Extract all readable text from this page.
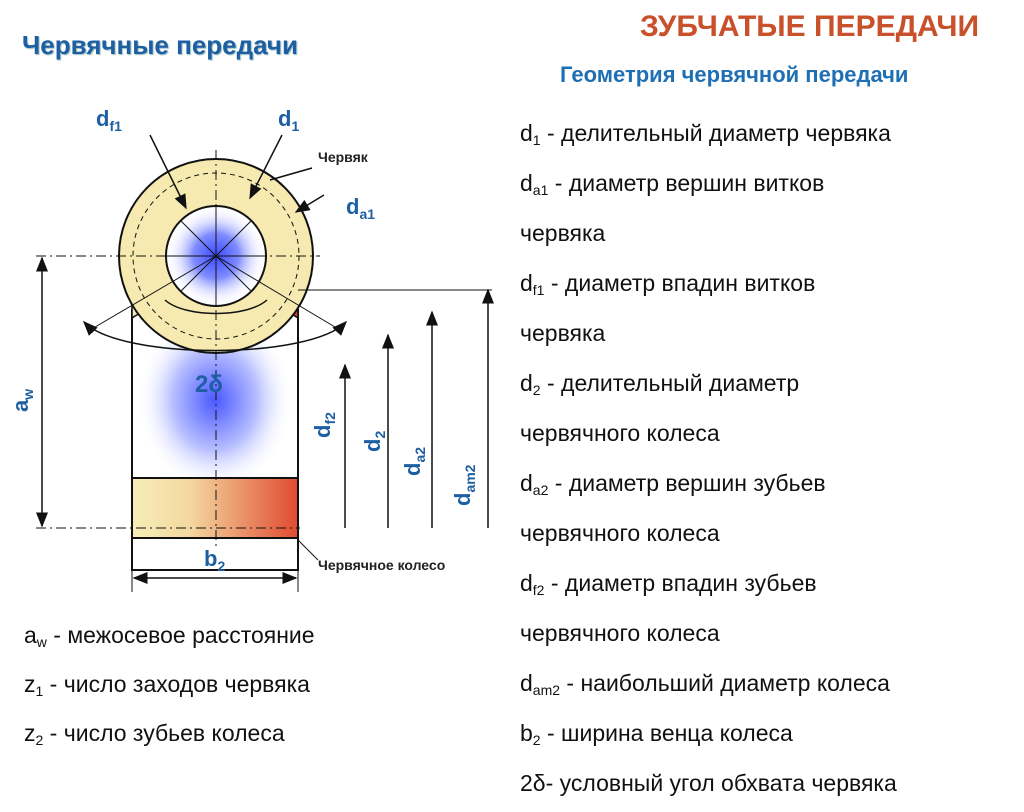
ЗУБЧАТЫЕ ПЕРЕДАЧИ
Червячные передачи
Геометрия червячной передачи
$d_{f1}$	$d_1$
Червяк
$d_{a1}$
2δ
$a_w$
$d_{f2}$
$d_2$
$d_{a2}$
$d_{am2}$
$b_2$	Червячное колесо
$d_1$ - делительный диаметр червяка
$d_{a1}$ - диаметр вершин витков
червяка
$d_{f1}$ - диаметр впадин витков
червяка
$d_2$ - делительный диаметр
червячного колеса
$d_{a2}$ - диаметр вершин зубьев
червячного колеса
$d_{f2}$ - диаметр впадин зубьев
червячного колеса
$d_{am2}$ - наибольший диаметр колеса
$b_2$ - ширина венца колеса
2δ- условный угол обхвата червяка
$a_w$ - межосевое расстояние
$z_1$ - число заходов червяка
$z_2$ - число зубьев колеса
